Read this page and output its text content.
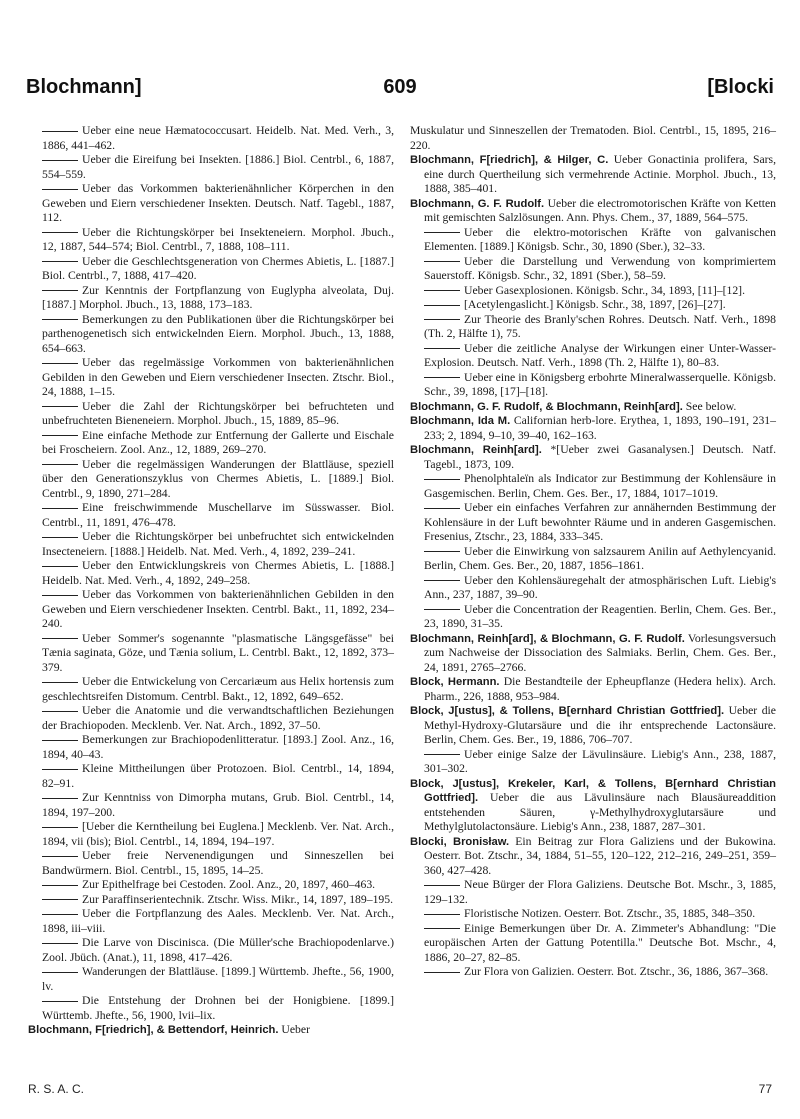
Blochmann]	609	[Blocki
Ueber eine neue Hæmatococcusart. Heidelb. Nat. Med. Verh., 3, 1886, 441–462.
Ueber die Eireifung bei Insekten. [1886.] Biol. Centrbl., 6, 1887, 554–559.
Ueber das Vorkommen bakterienähnlicher Körperchen in den Geweben und Eiern verschiedener Insekten. Deutsch. Natf. Tagebl., 1887, 112.
Ueber die Richtungskörper bei Insekteneiern. Morphol. Jbuch., 12, 1887, 544–574; Biol. Centrbl., 7, 1888, 108–111.
Ueber die Geschlechtsgeneration von Chermes Abietis, L. [1887.] Biol. Centrbl., 7, 1888, 417–420.
Zur Kenntnis der Fortpflanzung von Euglypha alveolata, Duj. [1887.] Morphol. Jbuch., 13, 1888, 173–183.
Bemerkungen zu den Publikationen über die Richtungskörper bei parthenogenetisch sich entwickelnden Eiern. Morphol. Jbuch., 13, 1888, 654–663.
Ueber das regelmässige Vorkommen von bakterienähnlichen Gebilden in den Geweben und Eiern verschiedener Insecten. Ztschr. Biol., 24, 1888, 1–15.
Ueber die Zahl der Richtungskörper bei befruchteten und unbefruchteten Bieneneiern. Morphol. Jbuch., 15, 1889, 85–96.
Eine einfache Methode zur Entfernung der Gallerte und Eischale bei Froscheiern. Zool. Anz., 12, 1889, 269–270.
Ueber die regelmässigen Wanderungen der Blattläuse, speziell über den Generationszyklus von Chermes Abietis, L. [1889.] Biol. Centrbl., 9, 1890, 271–284.
Eine freischwimmende Muschellarve im Süsswasser. Biol. Centrbl., 11, 1891, 476–478.
Ueber die Richtungskörper bei unbefruchtet sich entwickelnden Insecteneiern. [1888.] Heidelb. Nat. Med. Verh., 4, 1892, 239–241.
Ueber den Entwicklungskreis von Chermes Abietis, L. [1888.] Heidelb. Nat. Med. Verh., 4, 1892, 249–258.
Ueber das Vorkommen von bakterienähnlichen Gebilden in den Geweben und Eiern verschiedener Insekten. Centrbl. Bakt., 11, 1892, 234–240.
Ueber Sommer's sogenannte "plasmatische Längsgefässe" bei Tænia saginata, Göze, und Tænia solium, L. Centrbl. Bakt., 12, 1892, 373–379.
Ueber die Entwickelung von Cercariæum aus Helix hortensis zum geschlechtsreifen Distomum. Centrbl. Bakt., 12, 1892, 649–652.
Ueber die Anatomie und die verwandtschaftlichen Beziehungen der Brachiopoden. Mecklenb. Ver. Nat. Arch., 1892, 37–50.
Bemerkungen zur Brachiopodenlitteratur. [1893.] Zool. Anz., 16, 1894, 40–43.
Kleine Mittheilungen über Protozoen. Biol. Centrbl., 14, 1894, 82–91.
Zur Kenntniss von Dimorpha mutans, Grub. Biol. Centrbl., 14, 1894, 197–200.
[Ueber die Kerntheilung bei Euglena.] Mecklenb. Ver. Nat. Arch., 1894, vii (bis); Biol. Centrbl., 14, 1894, 194–197.
Ueber freie Nervenendigungen und Sinneszellen bei Bandwürmern. Biol. Centrbl., 15, 1895, 14–25.
Zur Epithelfrage bei Cestoden. Zool. Anz., 20, 1897, 460–463.
Zur Paraffinserientechnik. Ztschr. Wiss. Mikr., 14, 1897, 189–195.
Ueber die Fortpflanzung des Aales. Mecklenb. Ver. Nat. Arch., 1898, iii–viii.
Die Larve von Discinisca. (Die Müller'sche Brachiopodenlarve.) Zool. Jbüch. (Anat.), 11, 1898, 417–426.
Wanderungen der Blattläuse. [1899.] Württemb. Jhefte., 56, 1900, lv.
Die Entstehung der Drohnen bei der Honigbiene. [1899.] Württemb. Jhefte., 56, 1900, lvii–lix.
Blochmann, F[riedrich], & Bettendorf, Heinrich. Ueber
Muskulatur und Sinneszellen der Trematoden. Biol. Centrbl., 15, 1895, 216–220.
Blochmann, F[riedrich], & Hilger, C. Ueber Gonactinia prolifera, Sars, eine durch Quertheilung sich vermehrende Actinie. Morphol. Jbuch., 13, 1888, 385–401.
Blochmann, G. F. Rudolf. Ueber die electromotorischen Kräfte von Ketten mit gemischten Salzlösungen. Ann. Phys. Chem., 37, 1889, 564–575.
Ueber die elektro-motorischen Kräfte von galvanischen Elementen. [1889.] Königsb. Schr., 30, 1890 (Sber.), 32–33.
Ueber die Darstellung und Verwendung von komprimiertem Sauerstoff. Königsb. Schr., 32, 1891 (Sber.), 58–59.
Ueber Gasexplosionen. Königsb. Schr., 34, 1893, [11]–[12].
[Acetylengaslicht.] Königsb. Schr., 38, 1897, [26]–[27].
Zur Theorie des Branly'schen Rohres. Deutsch. Natf. Verh., 1898 (Th. 2, Hälfte 1), 75.
Ueber die zeitliche Analyse der Wirkungen einer Unter-Wasser-Explosion. Deutsch. Natf. Verh., 1898 (Th. 2, Hälfte 1), 80–83.
Ueber eine in Königsberg erbohrte Mineralwasserquelle. Königsb. Schr., 39, 1898, [17]–[18].
Blochmann, G. F. Rudolf, & Blochmann, Reinh[ard]. See below.
Blochmann, Ida M. Californian herb-lore. Erythea, 1, 1893, 190–191, 231–233; 2, 1894, 9–10, 39–40, 162–163.
Blochmann, Reinh[ard]. *[Ueber zwei Gasanalysen.] Deutsch. Natf. Tagebl., 1873, 109.
Phenolphtaleïn als Indicator zur Bestimmung der Kohlensäure in Gasgemischen. Berlin, Chem. Ges. Ber., 17, 1884, 1017–1019.
Ueber ein einfaches Verfahren zur annähernden Bestimmung der Kohlensäure in der Luft bewohnter Räume und in anderen Gasgemischen. Fresenius, Ztschr., 23, 1884, 333–345.
Ueber die Einwirkung von salzsaurem Anilin auf Aethylencyanid. Berlin, Chem. Ges. Ber., 20, 1887, 1856–1861.
Ueber den Kohlensäuregehalt der atmosphärischen Luft. Liebig's Ann., 237, 1887, 39–90.
Ueber die Concentration der Reagentien. Berlin, Chem. Ges. Ber., 23, 1890, 31–35.
Blochmann, Reinh[ard], & Blochmann, G. F. Rudolf. Vorlesungsversuch zum Nachweise der Dissociation des Salmiaks. Berlin, Chem. Ges. Ber., 24, 1891, 2765–2766.
Block, Hermann. Die Bestandteile der Epheupflanze (Hedera helix). Arch. Pharm., 226, 1888, 953–984.
Block, J[ustus], & Tollens, B[ernhard Christian Gottfried]. Ueber die Methyl-Hydroxy-Glutarsäure und die ihr entsprechende Lactonsäure. Berlin, Chem. Ges. Ber., 19, 1886, 706–707.
Ueber einige Salze der Lävulinsäure. Liebig's Ann., 238, 1887, 301–302.
Block, J[ustus], Krekeler, Karl, & Tollens, B[ernhard Christian Gottfried]. Ueber die aus Lävulinsäure nach Blausäureaddition entstehenden Säuren, γ-Methylhydroxyglutarsäure und Methylglutolactonsäure. Liebig's Ann., 238, 1887, 287–301.
Blocki, Bronisław. Ein Beitrag zur Flora Galiziens und der Bukowina. Oesterr. Bot. Ztschr., 34, 1884, 51–55, 120–122, 212–216, 249–251, 359–360, 427–428.
Neue Bürger der Flora Galiziens. Deutsche Bot. Mschr., 3, 1885, 129–132.
Floristische Notizen. Oesterr. Bot. Ztschr., 35, 1885, 348–350.
Einige Bemerkungen über Dr. A. Zimmeter's Abhandlung: "Die europäischen Arten der Gattung Potentilla." Deutsche Bot. Mschr., 4, 1886, 20–27, 82–85.
Zur Flora von Galizien. Oesterr. Bot. Ztschr., 36, 1886, 367–368.
R. S. A. C.	77
